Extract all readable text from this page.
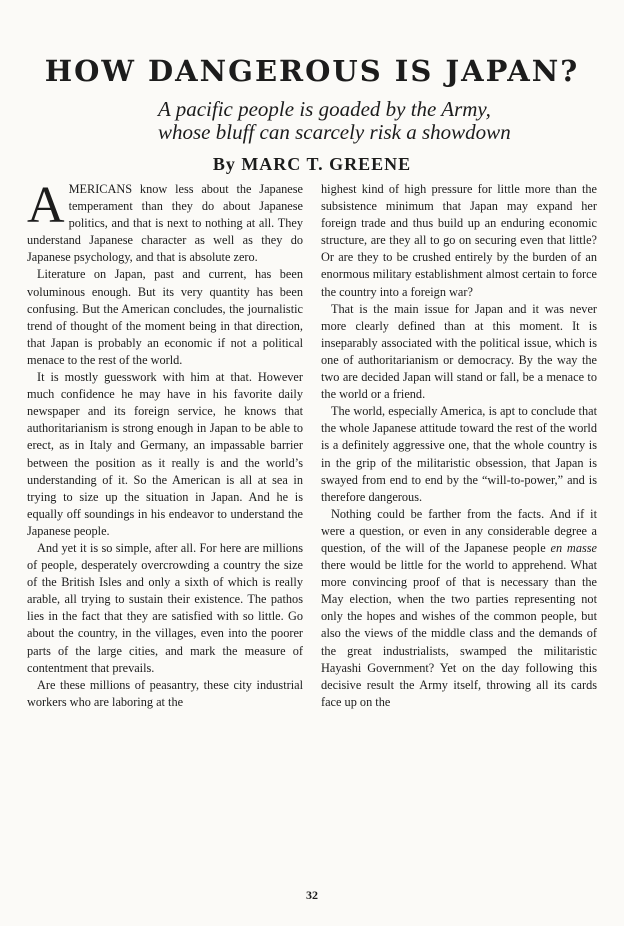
HOW DANGEROUS IS JAPAN?

A pacific people is goaded by the Army,

whose bluff can scarcely risk a showdown

By MARC T. GREENE

AMERICANS know less about the Japanese temperament than they do about Japanese politics, and that is next to nothing at all. They understand Japanese character as well as they do Japanese psychology, and that is absolute zero.

Literature on Japan, past and current, has been voluminous enough. But its very quantity has been confusing. But the American concludes, the journalistic trend of thought of the moment being in that direction, that Japan is probably an economic if not a political menace to the rest of the world.

It is mostly guesswork with him at that. However much confidence he may have in his favorite daily newspaper and its foreign service, he knows that authoritarianism is strong enough in Japan to be able to erect, as in Italy and Germany, an impassable barrier between the position as it really is and the world’s understanding of it. So the American is all at sea in trying to size up the situation in Japan. And he is equally off soundings in his endeavor to understand the Japanese people.

And yet it is so simple, after all. For here are millions of people, desperately overcrowding a country the size of the British Isles and only a sixth of which is really arable, all trying to sustain their existence. The pathos lies in the fact that they are satisfied with so little. Go about the country, in the villages, even into the poorer parts of the large cities, and mark the measure of contentment that prevails.

Are these millions of peasantry, these city industrial workers who are laboring at the

highest kind of high pressure for little more than the subsistence minimum that Japan may expand her foreign trade and thus build up an enduring economic structure, are they all to go on securing even that little? Or are they to be crushed entirely by the burden of an enormous military establishment almost certain to force the country into a foreign war?

That is the main issue for Japan and it was never more clearly defined than at this moment. It is inseparably associated with the political issue, which is one of authoritarianism or democracy. By the way the two are decided Japan will stand or fall, be a menace to the world or a friend.

The world, especially America, is apt to conclude that the whole Japanese attitude toward the rest of the world is a definitely aggressive one, that the whole country is in the grip of the militaristic obsession, that Japan is swayed from end to end by the “will-to-power,” and is therefore dangerous.

Nothing could be farther from the facts. And if it were a question, or even in any considerable degree a question, of the will of the Japanese people en masse there would be little for the world to apprehend. What more convincing proof of that is necessary than the May election, when the two parties representing not only the hopes and wishes of the common people, but also the views of the middle class and the demands of the great industrialists, swamped the militaristic Hayashi Government? Yet on the day following this decisive result the Army itself, throwing all its cards face up on the

32
